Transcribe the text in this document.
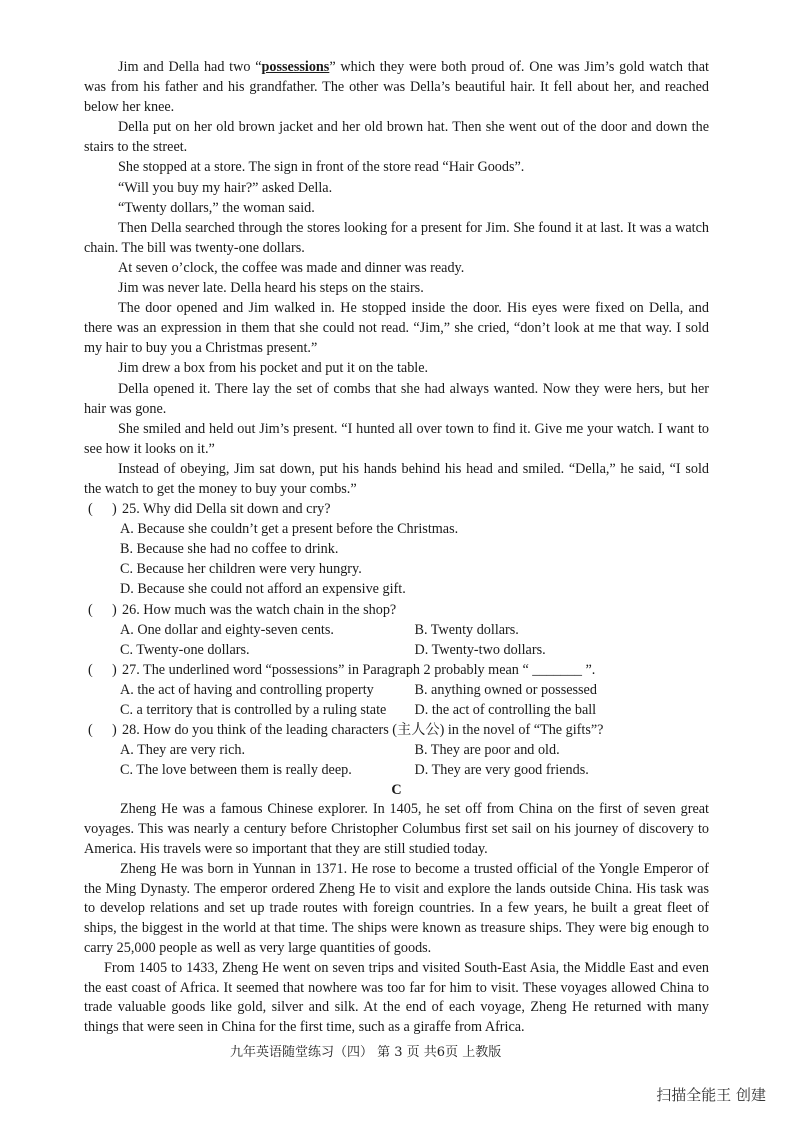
Jim and Della had two “possessions” which they were both proud of. One was Jim’s gold watch that was from his father and his grandfather. The other was Della’s beautiful hair. It fell about her, and reached below her knee.

Della put on her old brown jacket and her old brown hat. Then she went out of the door and down the stairs to the street.

She stopped at a store. The sign in front of the store read “Hair Goods”.

“Will you buy my hair?” asked Della.

“Twenty dollars,” the woman said.

Then Della searched through the stores looking for a present for Jim. She found it at last. It was a watch chain. The bill was twenty-one dollars.

At seven o’clock, the coffee was made and dinner was ready.

Jim was never late. Della heard his steps on the stairs.

The door opened and Jim walked in. He stopped inside the door. His eyes were fixed on Della, and there was an expression in them that she could not read. “Jim,” she cried, “don’t look at me that way. I sold my hair to buy you a Christmas present.”

Jim drew a box from his pocket and put it on the table.

Della opened it. There lay the set of combs that she had always wanted. Now they were hers, but her hair was gone.

She smiled and held out Jim’s present. “I hunted all over town to find it. Give me your watch. I want to see how it looks on it.”

Instead of obeying, Jim sat down, put his hands behind his head and smiled. “Della,” he said, “I sold the watch to get the money to buy your combs.”

( ) 25. Why did Della sit down and cry?

A. Because she couldn’t get a present before the Christmas.
B. Because she had no coffee to drink.
C. Because her children were very hungry.
D. Because she could not afford an expensive gift.

( ) 26. How much was the watch chain in the shop?

A. One dollar and eighty-seven cents.	B. Twenty dollars.
C. Twenty-one dollars.	D. Twenty-two dollars.

( ) 27. The underlined word “possessions” in Paragraph 2 probably mean “ _______ ”.

A. the act of having and controlling property	B. anything owned or possessed
C. a territory that is controlled by a ruling state	D. the act of controlling the ball

( ) 28. How do you think of the leading characters (主人公) in the novel of “The gifts”?

A. They are very rich.	B. They are poor and old.
C. The love between them is really deep.	D. They are very good friends.

C

Zheng He was a famous Chinese explorer. In 1405, he set off from China on the first of seven great voyages. This was nearly a century before Christopher Columbus first set sail on his journey of discovery to America. His travels were so important that they are still studied today.

Zheng He was born in Yunnan in 1371. He rose to become a trusted official of the Yongle Emperor of the Ming Dynasty. The emperor ordered Zheng He to visit and explore the lands outside China. His task was to develop relations and set up trade routes with foreign countries. In a few years, he built a great fleet of ships, the biggest in the world at that time. The ships were known as treasure ships. They were big enough to carry 25,000 people as well as very large quantities of goods.

From 1405 to 1433, Zheng He went on seven trips and visited South-East Asia, the Middle East and even the east coast of Africa. It seemed that nowhere was too far for him to visit. These voyages allowed China to trade valuable goods like gold, silver and silk. At the end of each voyage, Zheng He returned with many things that were seen in China for the first time, such as a giraffe from Africa.

九年英语随堂练习（四） 第 3 页 共6页 上教版
扫描全能王 创建
